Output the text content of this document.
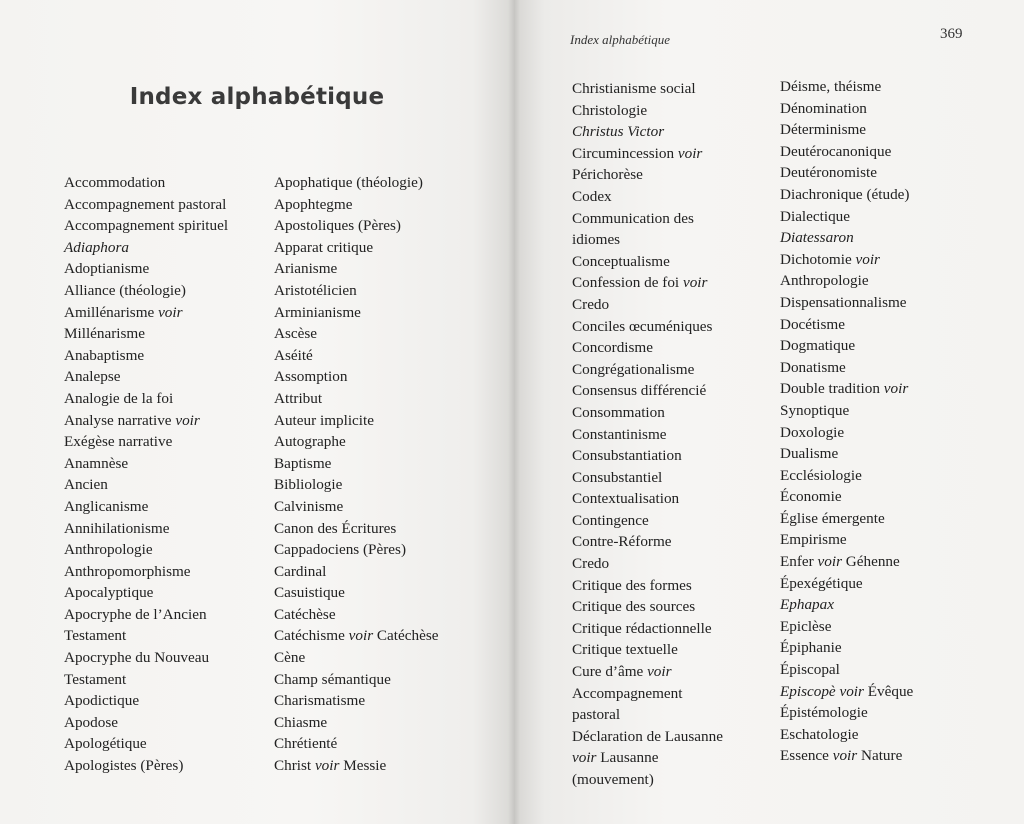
Index alphabétique
Accommodation
Accompagnement pastoral
Accompagnement spirituel
Adiaphora
Adoptianisme
Alliance (théologie)
Amillénarisme voir
Millénarisme
Anabaptisme
Analepse
Analogie de la foi
Analyse narrative voir
Exégèse narrative
Anamnèse
Ancien
Anglicanisme
Annihilationisme
Anthropologie
Anthropomorphisme
Apocalyptique
Apocryphe de l’Ancien
Testament
Apocryphe du Nouveau
Testament
Apodictique
Apodose
Apologétique
Apologistes (Pères)
Apophatique (théologie)
Apophtegme
Apostoliques (Pères)
Apparat critique
Arianisme
Aristotélicien
Arminianisme
Ascèse
Aséité
Assomption
Attribut
Auteur implicite
Autographe
Baptisme
Bibliologie
Calvinisme
Canon des Écritures
Cappadociens (Pères)
Cardinal
Casuistique
Catéchèse
Catéchisme voir Catéchèse
Cène
Champ sémantique
Charismatisme
Chiasme
Chrétienté
Christ voir Messie
Index alphabétique	369
Christianisme social
Christologie
Christus Victor
Circumincession voir
Périchorèse
Codex
Communication des
idiomes
Conceptualisme
Confession de foi voir
Credo
Conciles œcuméniques
Concordisme
Congrégationalisme
Consensus différencié
Consommation
Constantinisme
Consubstantiation
Consubstantiel
Contextualisation
Contingence
Contre-Réforme
Credo
Critique des formes
Critique des sources
Critique rédactionnelle
Critique textuelle
Cure d’âme voir
Accompagnement
pastoral
Déclaration de Lausanne
voir Lausanne
(mouvement)
Déisme, théisme
Dénomination
Déterminisme
Deutérocanonique
Deutéronomiste
Diachronique (étude)
Dialectique
Diatessaron
Dichotomie voir
Anthropologie
Dispensationnalisme
Docétisme
Dogmatique
Donatisme
Double tradition voir
Synoptique
Doxologie
Dualisme
Ecclésiologie
Économie
Église émergente
Empirisme
Enfer voir Géhenne
Épexégétique
Ephapax
Epiclèse
Épiphanie
Épiscopal
Episcopè voir Évêque
Épistémologie
Eschatologie
Essence voir Nature
